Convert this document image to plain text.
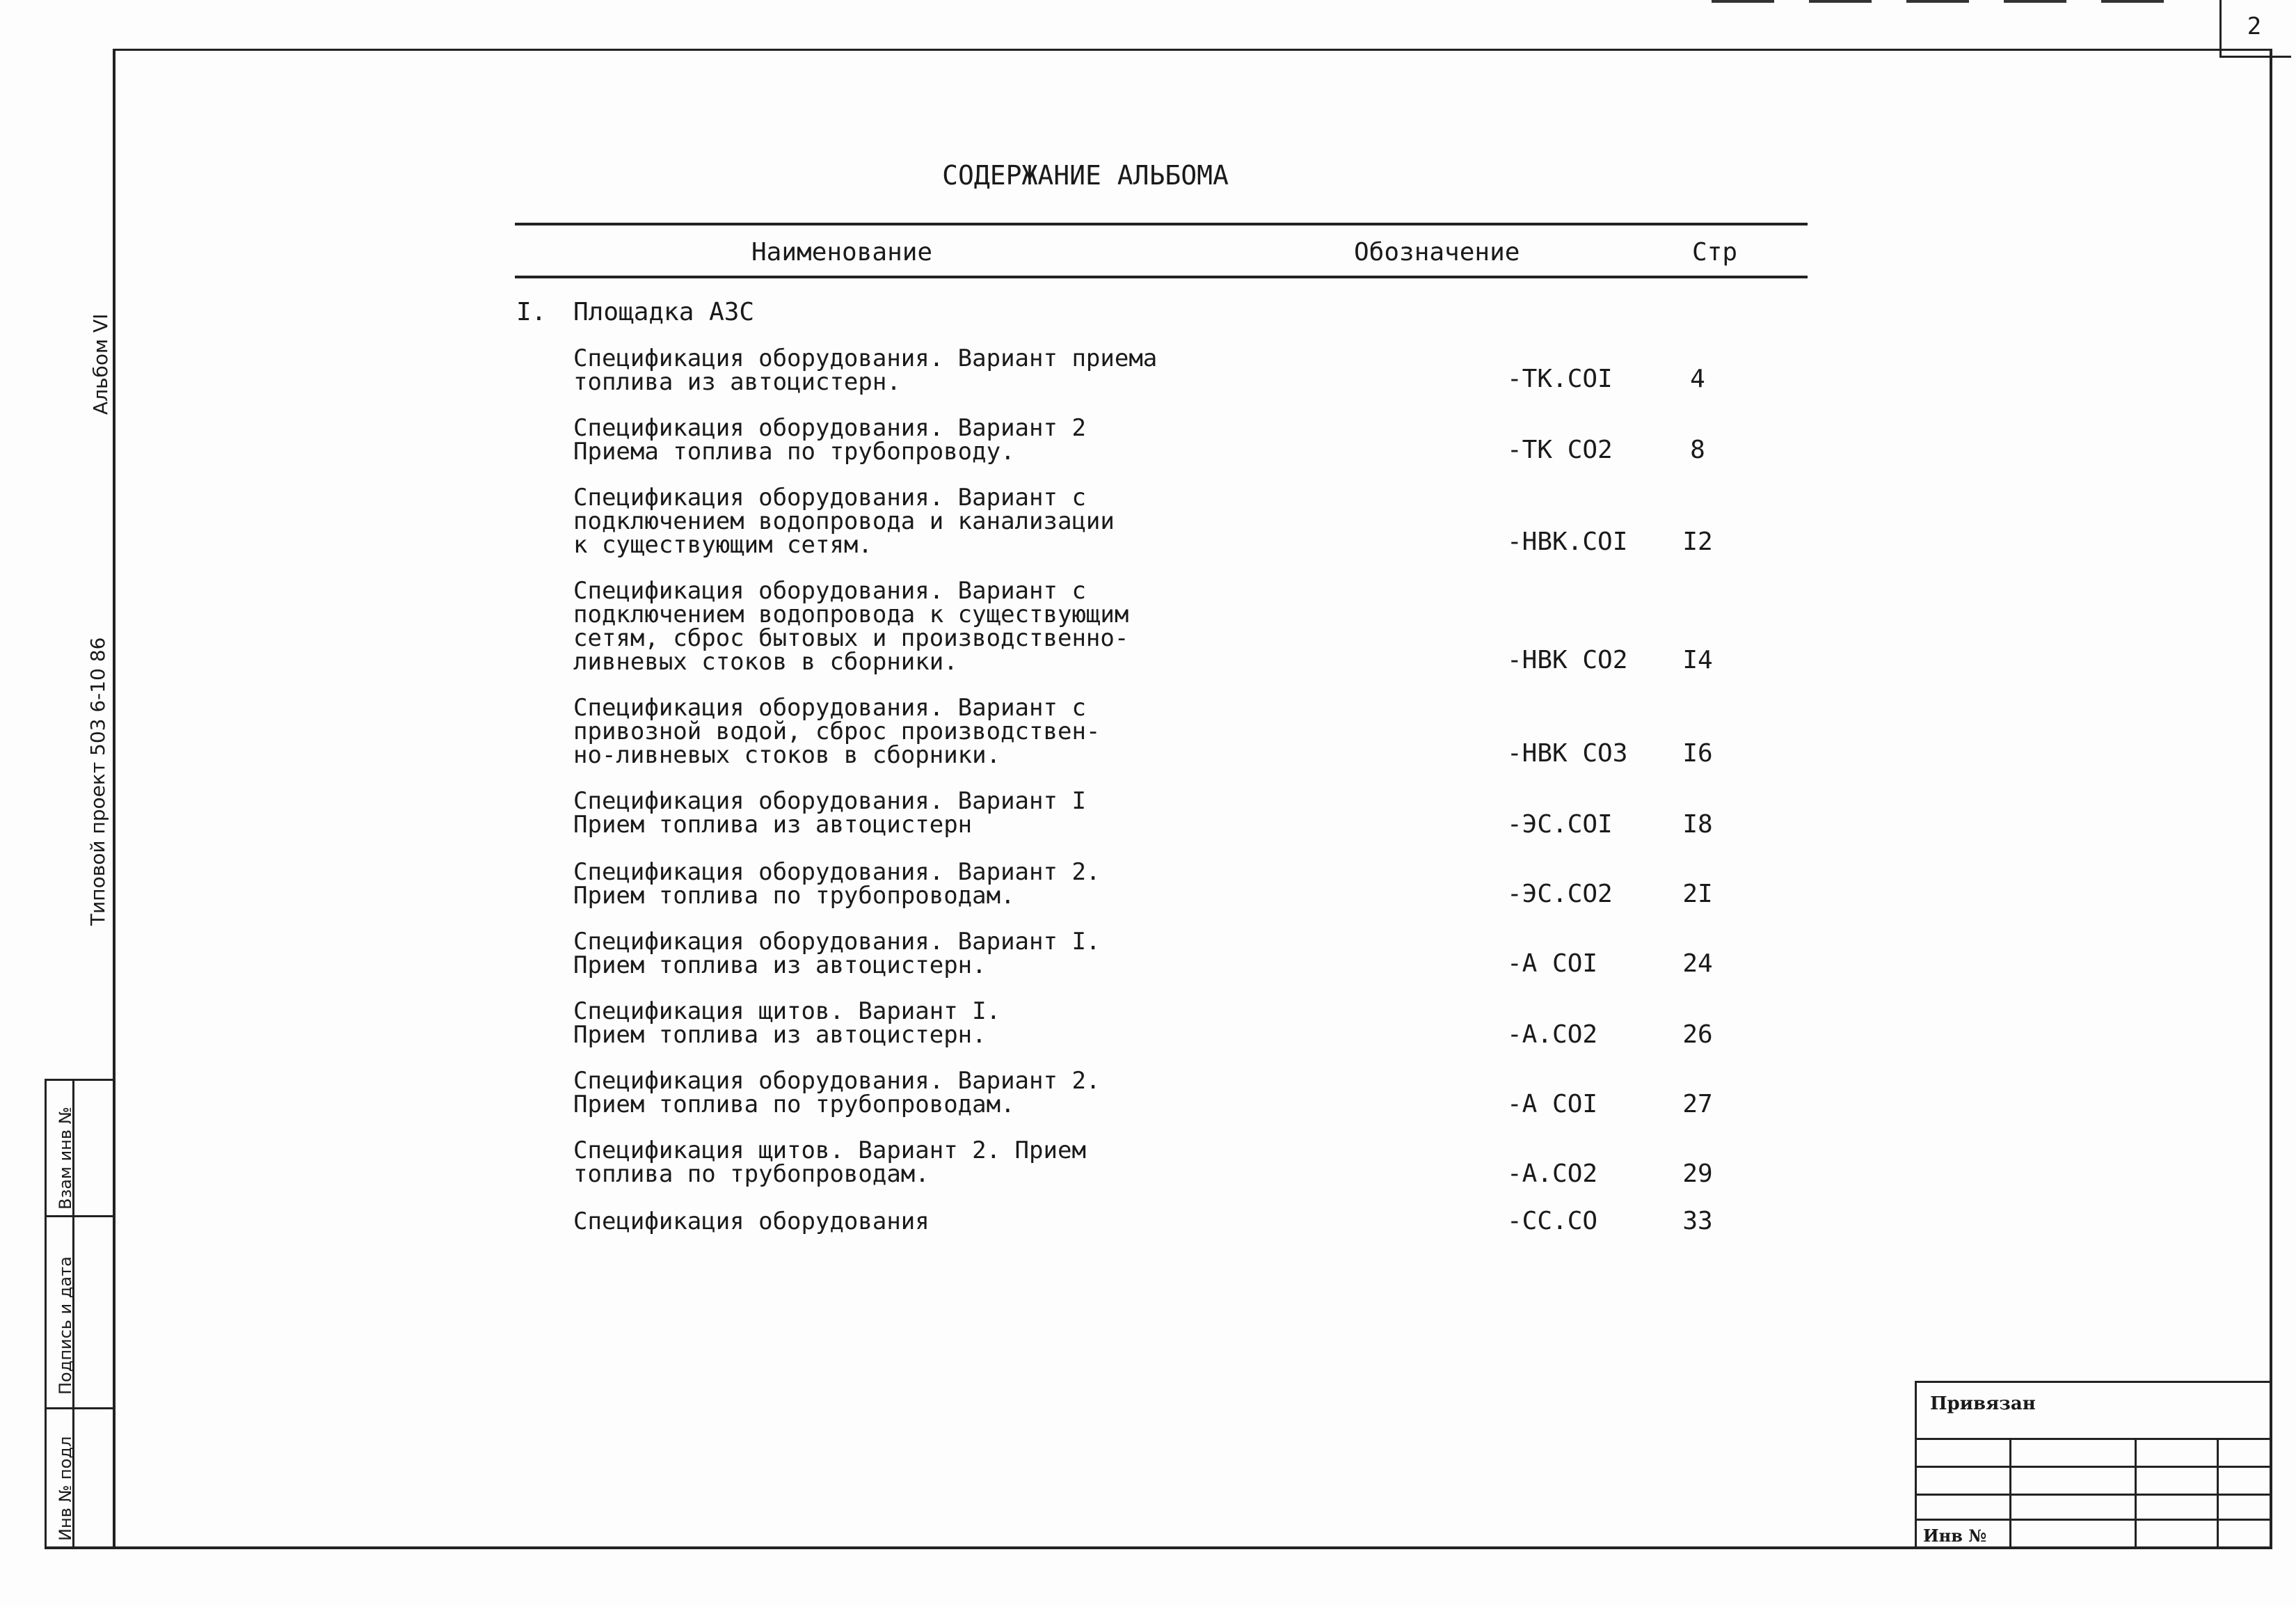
2
СОДЕРЖАНИЕ АЛЬБОМА
Наименование	Обозначение	Стр
I. Площадка АЗС
Спецификация оборудования. Вариант приема
топлива из автоцистерн.	-ТК.СОI	4
Спецификация оборудования. Вариант 2
Приема топлива по трубопроводу.	-ТК СО2	8
Спецификация оборудования. Вариант с
подключением водопровода и канализации
к существующим сетям.	-НВК.СОI	I2
Спецификация оборудования. Вариант с
подключением водопровода к существующим
сетям, сброс бытовых и производственно-
ливневых стоков в сборники.	-НВК СО2	I4
Спецификация оборудования. Вариант с
привозной водой, сброс производствен-
но-ливневых стоков в сборники.	-НВК СО3	I6
Спецификация оборудования. Вариант I
Прием топлива из автоцистерн	-ЭС.СОI	I8
Спецификация оборудования. Вариант 2.
Прием топлива по трубопроводам.	-ЭС.СО2	2I
Спецификация оборудования. Вариант I.
Прием топлива из автоцистерн.	-А СОI	24
Спецификация щитов. Вариант I.
Прием топлива из автоцистерн.	-А.СО2	26
Спецификация оборудования. Вариант 2.
Прием топлива по трубопроводам.	-А СОI	27
Спецификация щитов. Вариант 2. Прием
топлива по трубопроводам.	-А.СО2	29
Спецификация оборудования	-СС.СО	33
Альбом VI
Типовой проект 503 6-10 86
Взам инв №
Подпись и дата
Инв № подл
Привязан
Инв №
